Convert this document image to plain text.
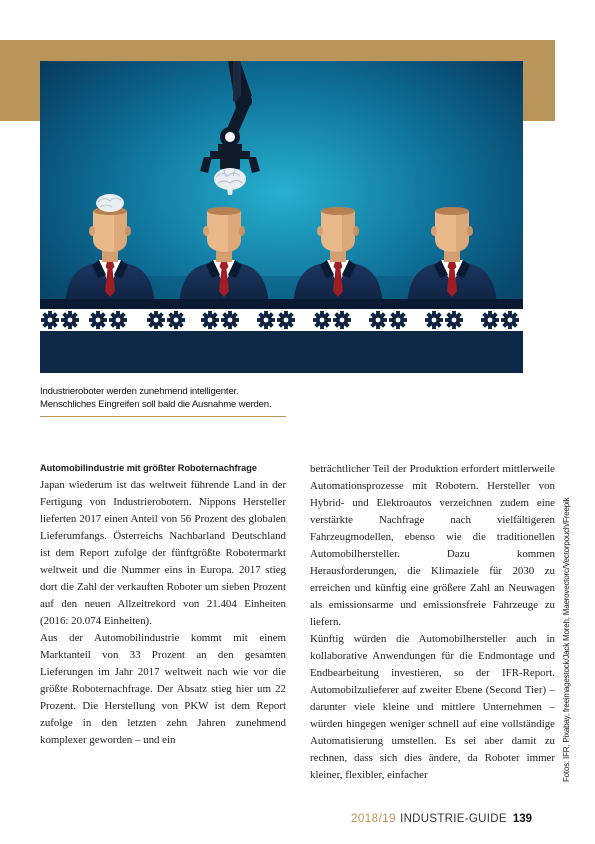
Industrieroboter werden zunehmend intelligenter.
Menschliches Eingreifen soll bald die Ausnahme werden.
Automobilindustrie mit größter Roboternachfrage

Japan wiederum ist das weltweit führende Land in der Fertigung von Industrierobotern. Nippons Hersteller lieferten 2017 einen Anteil von 56 Prozent des globalen Lieferumfangs. Österreichs Nachbarland Deutschland ist dem Report zufolge der fünftgrößte Robotermarkt weltweit und die Nummer eins in Europa. 2017 stieg dort die Zahl der verkauften Roboter um sieben Prozent auf den neuen Allzeitrekord von 21.404 Einheiten (2016: 20.074 Einheiten).

Aus der Automobilindustrie kommt mit einem Marktanteil von 33 Prozent an den gesamten Lieferungen im Jahr 2017 weltweit nach wie vor die größte Roboternachfrage. Der Absatz stieg hier um 22 Prozent. Die Herstellung von PKW ist dem Report zufolge in den letzten zehn Jahren zunehmend komplexer geworden – und ein

beträchtlicher Teil der Produktion erfordert mittlerweile Automationsprozesse mit Robotern. Hersteller von Hybrid- und Elektroautos verzeichnen zudem eine verstärkte Nachfrage nach vielfältigeren Fahrzeugmodellen, ebenso wie die traditionellen Automobilhersteller. Dazu kommen Herausforderungen, die Klimaziele für 2030 zu erreichen und künftig eine größere Zahl an Neuwagen als emissionsarme und emissionsfreie Fahrzeuge zu liefern.

Künftig würden die Automobilhersteller auch in kollaborative Anwendungen für die Endmontage und Endbearbeitung investieren, so der IFR-Report. Automobilzulieferer auf zweiter Ebene (Second Tier) – darunter viele kleine und mittlere Unternehmen – würden hingegen weniger schnell auf eine vollständige Automatisierung umstellen. Es sei aber damit zu rechnen, dass sich dies ändere, da Roboter immer kleiner, flexibler, einfacher	Fotos: IFR, Pixabay, freeimagestock/Jack Moreh, Maerovectorc/Vectorpouch/Freepik
2018/19 INDUSTRIE-GUIDE 139
